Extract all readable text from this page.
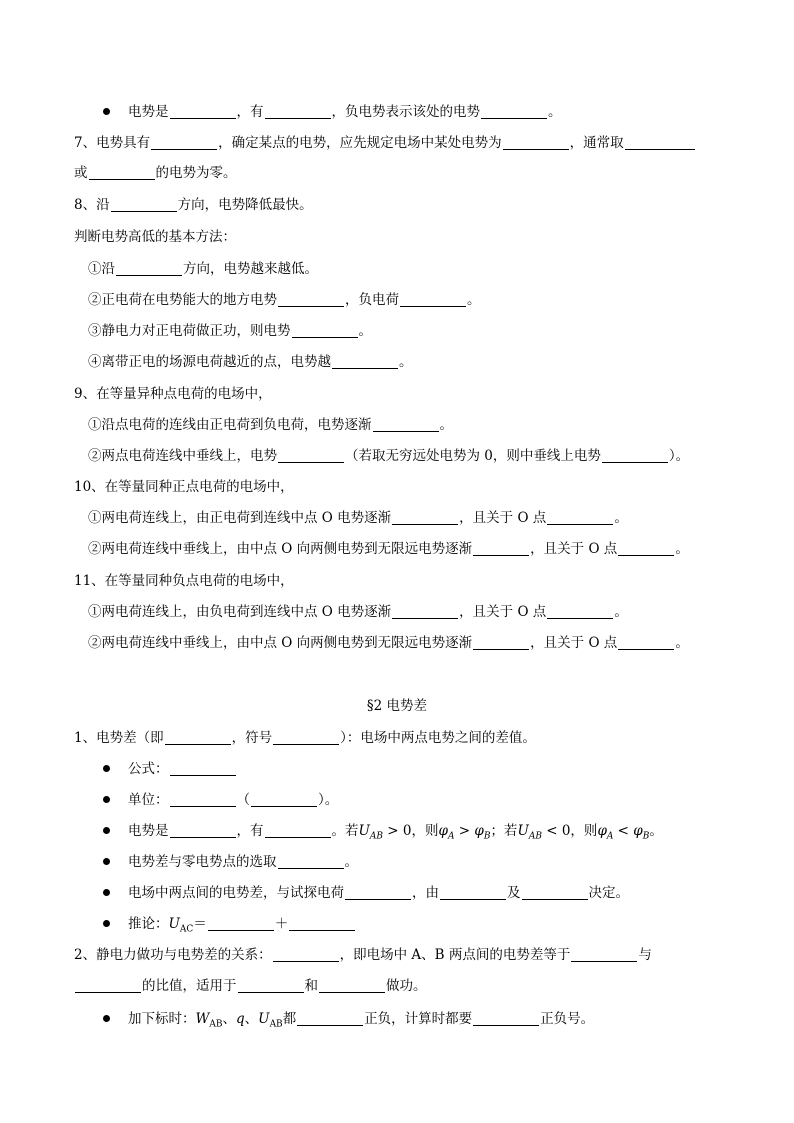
电势是	，有	，负电势表示该处的电势	。
7、电势具有	，确定某点的电势，应先规定电场中某处电势为	，通常取
或	的电势为零。
8、沿	方向，电势降低最快。
判断电势高低的基本方法：
①沿	方向，电势越来越低。
②正电荷在电势能大的地方电势	，负电荷	。
③静电力对正电荷做正功，则电势	。
④离带正电的场源电荷越近的点，电势越	。
9、在等量异种点电荷的电场中，
①沿点电荷的连线由正电荷到负电荷，电势逐渐	。
②两点电荷连线中垂线上，电势	（若取无穷远处电势为 0，则中垂线上电势	）。
10、在等量同种正点电荷的电场中，
①两电荷连线上，由正电荷到连线中点 O 电势逐渐	，且关于 O 点	。
②两电荷连线中垂线上，由中点 O 向两侧电势到无限远电势逐渐	，且关于 O 点	。
11、在等量同种负点电荷的电场中，
①两电荷连线上，由负电荷到连线中点 O 电势逐渐	，且关于 O 点	。
②两电荷连线中垂线上，由中点 O 向两侧电势到无限远电势逐渐	，且关于 O 点	。
§2 电势差
1、电势差（即	，符号	）：电场中两点电势之间的差值。
公式：
单位：	（	）。
电势是	，有	。若$U_{AB} > 0$，则$\varphi_A > \varphi_B$；若$U_{AB} < 0$，则$\varphi_A < \varphi_B$。
电势差与零电势点的选取	。
电场中两点间的电势差，与试探电荷	，由	及	决定。
推论：$U_{AC}=$	＋
2、静电力做功与电势差的关系：	，即电场中 A、B 两点间的电势差等于	与
的比值，适用于	和	做功。
加下标时：$W_{AB}$、q、$U_{AB}$都	正负，计算时都要	正负号。
